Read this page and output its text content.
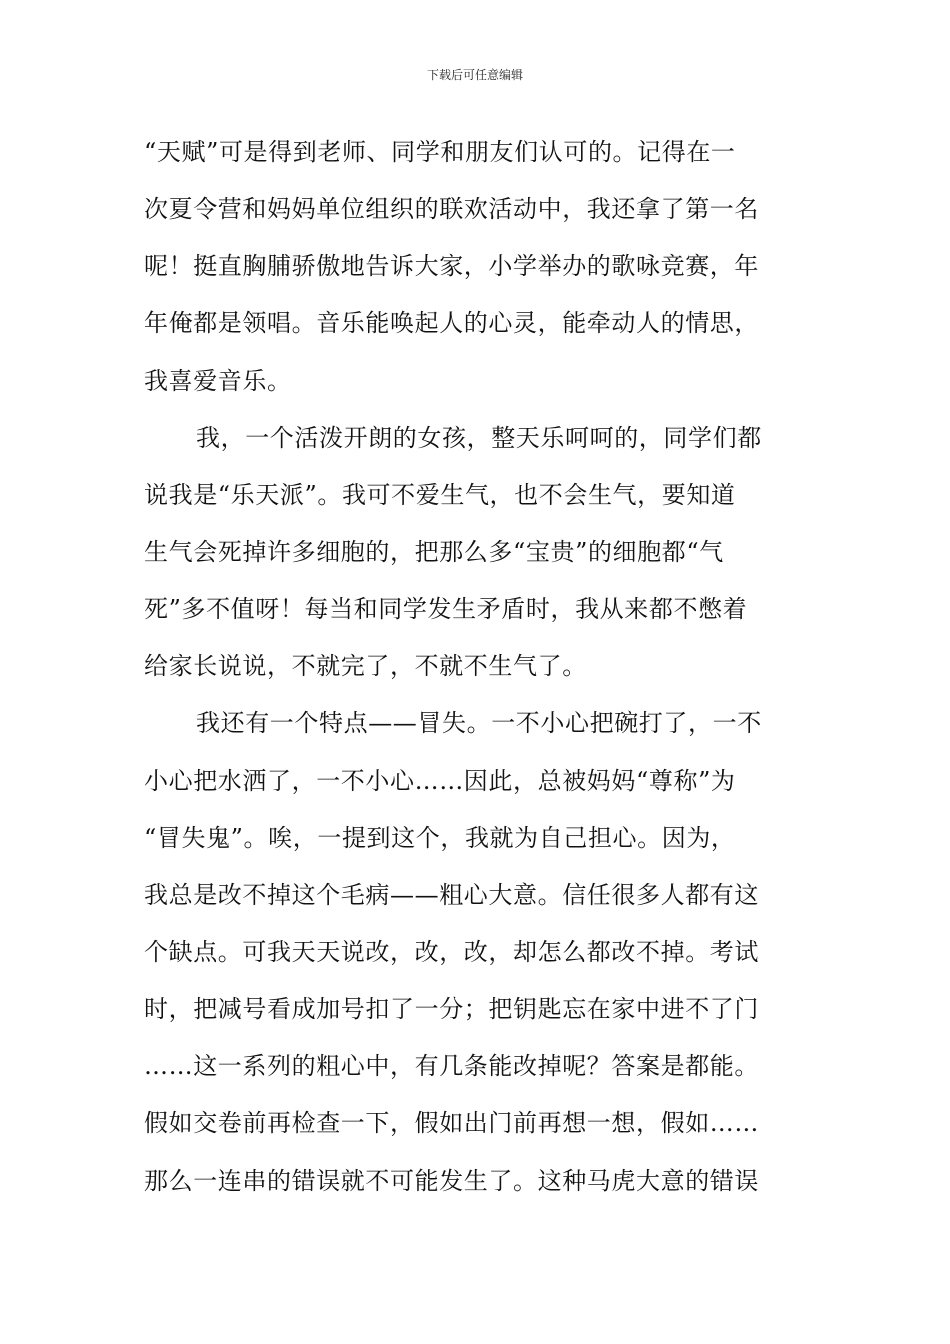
下载后可任意编辑
“天赋”可是得到老师、同学和朋友们认可的。记得在一
次夏令营和妈妈单位组织的联欢活动中，我还拿了第一名
呢！挺直胸脯骄傲地告诉大家，小学举办的歌咏竞赛，年
年俺都是领唱。音乐能唤起人的心灵，能牵动人的情思，
我喜爱音乐。
我，一个活泼开朗的女孩，整天乐呵呵的，同学们都
说我是“乐天派”。我可不爱生气，也不会生气，要知道
生气会死掉许多细胞的，把那么多“宝贵”的细胞都“气
死”多不值呀！每当和同学发生矛盾时，我从来都不憋着
给家长说说，不就完了，不就不生气了。
我还有一个特点——冒失。一不小心把碗打了，一不
小心把水洒了，一不小心……因此，总被妈妈“尊称”为
“冒失鬼”。唉，一提到这个，我就为自己担心。因为，
我总是改不掉这个毛病——粗心大意。信任很多人都有这
个缺点。可我天天说改，改，改，却怎么都改不掉。考试
时，把减号看成加号扣了一分；把钥匙忘在家中进不了门
……这一系列的粗心中，有几条能改掉呢？答案是都能。
假如交卷前再检查一下，假如出门前再想一想，假如……
那么一连串的错误就不可能发生了。这种马虎大意的错误
